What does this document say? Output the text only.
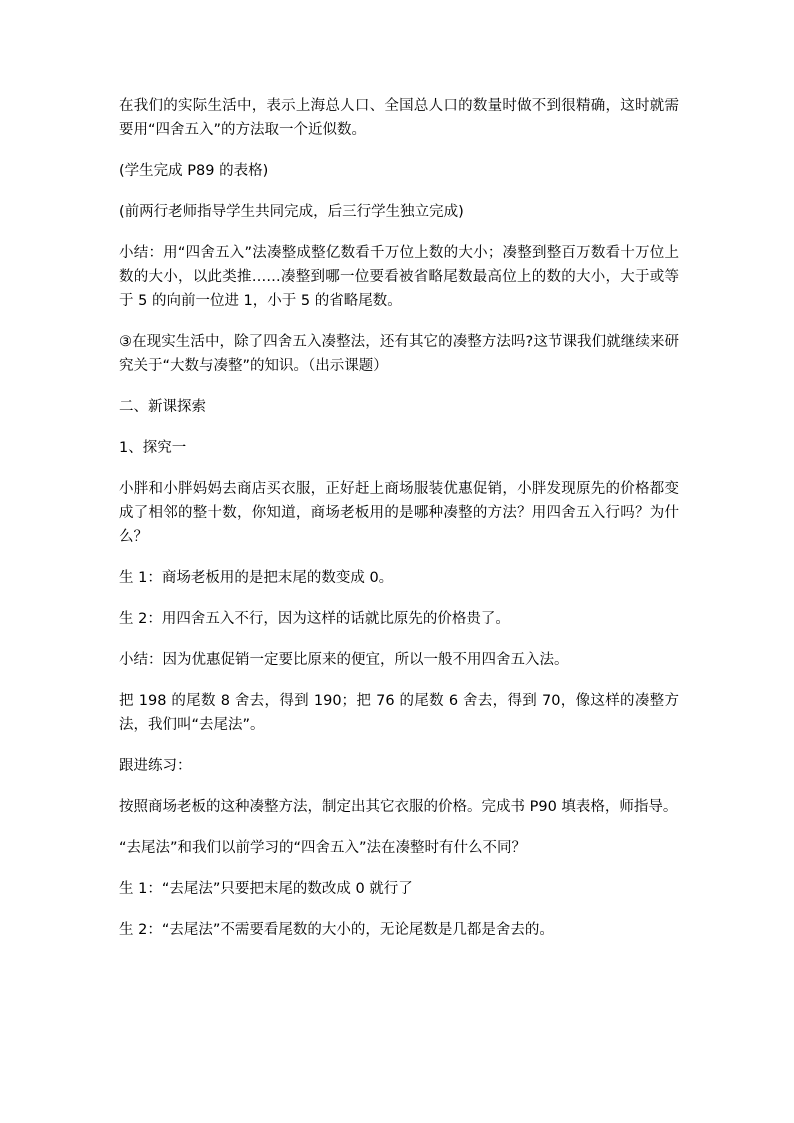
在我们的实际生活中，表示上海总人口、全国总人口的数量时做不到很精确，这时就需要用“四舍五入”的方法取一个近似数。

(学生完成 P89 的表格)

(前两行老师指导学生共同完成，后三行学生独立完成)

小结：用“四舍五入”法凑整成整亿数看千万位上数的大小；凑整到整百万数看十万位上数的大小，以此类推……凑整到哪一位要看被省略尾数最高位上的数的大小，大于或等于 5 的向前一位进 1，小于 5 的省略尾数。

③在现实生活中，除了四舍五入凑整法，还有其它的凑整方法吗?这节课我们就继续来研究关于“大数与凑整”的知识。（出示课题）

二、新课探索

1、探究一

小胖和小胖妈妈去商店买衣服，正好赶上商场服装优惠促销，小胖发现原先的价格都变成了相邻的整十数，你知道，商场老板用的是哪种凑整的方法？用四舍五入行吗？为什么？

生 1：商场老板用的是把末尾的数变成 0。

生 2：用四舍五入不行，因为这样的话就比原先的价格贵了。

小结：因为优惠促销一定要比原来的便宜，所以一般不用四舍五入法。

把 198 的尾数 8 舍去，得到 190；把 76 的尾数 6 舍去，得到 70，像这样的凑整方法，我们叫“去尾法”。

跟进练习：

按照商场老板的这种凑整方法，制定出其它衣服的价格。完成书 P90 填表格，师指导。

“去尾法”和我们以前学习的“四舍五入”法在凑整时有什么不同？

生 1：“去尾法”只要把末尾的数改成 0 就行了

生 2：“去尾法”不需要看尾数的大小的，无论尾数是几都是舍去的。
